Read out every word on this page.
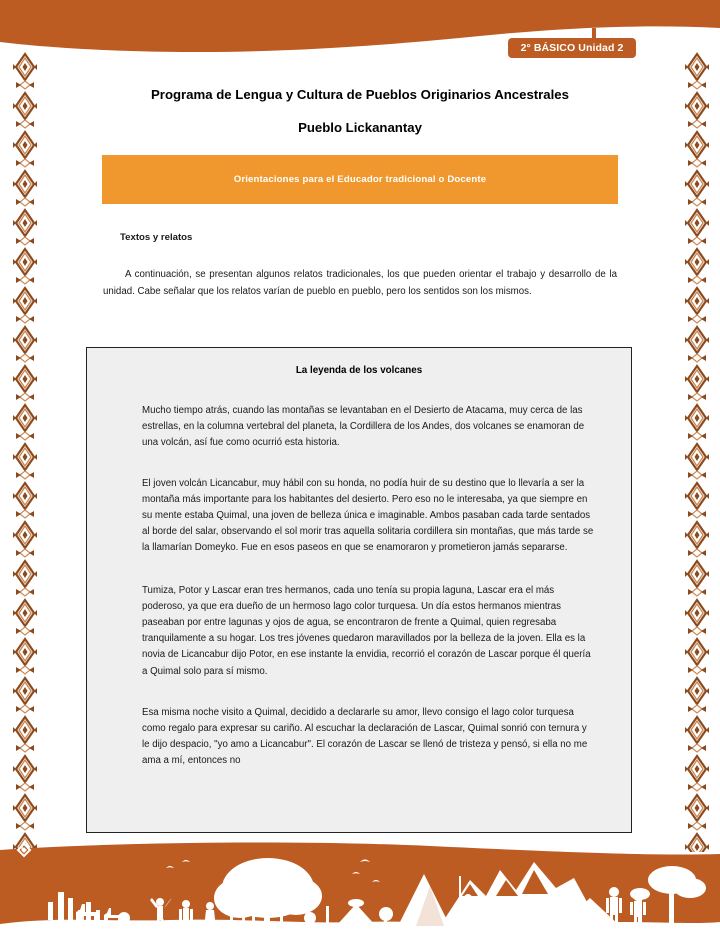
2° BÁSICO Unidad 2
Programa de Lengua y Cultura de Pueblos Originarios Ancestrales
Pueblo Lickanantay
Orientaciones para el Educador tradicional o Docente
Textos y relatos
A continuación, se presentan algunos relatos tradicionales, los que pueden orientar el trabajo y desarrollo de la unidad. Cabe señalar que los relatos varían de pueblo en pueblo, pero los sentidos son los mismos.
La leyenda de los volcanes

Mucho tiempo atrás, cuando las montañas se levantaban en el Desierto de Atacama, muy cerca de las estrellas, en la columna vertebral del planeta, la Cordillera de los Andes, dos volcanes se enamoran de una volcán, así fue como ocurrió esta historia.

El joven volcán Licancabur, muy hábil con su honda, no podía huir de su destino que lo llevaría a ser la montaña más importante para los habitantes del desierto. Pero eso no le interesaba, ya que siempre en su mente estaba Quimal, una joven de belleza única e imaginable. Ambos pasaban cada tarde sentados al borde del salar, observando el sol morir tras aquella solitaria cordillera sin montañas, que más tarde se la llamarían Domeyko. Fue en esos paseos en que se enamoraron y prometieron jamás separarse.

Tumiza, Potor y Lascar eran tres hermanos, cada uno tenía su propia laguna, Lascar era el más poderoso, ya que era dueño de un hermoso lago color turquesa. Un día estos hermanos mientras paseaban por entre lagunas y ojos de agua, se encontraron de frente a Quimal, quien regresaba tranquilamente a su hogar. Los tres jóvenes quedaron maravillados por la belleza de la joven. Ella es la novia de Licancabur dijo Potor, en ese instante la envidia, recorrió el corazón de Lascar porque él quería a Quimal solo para sí mismo.

Esa misma noche visito a Quimal, decidido a declararle su amor, llevo consigo el lago color turquesa como regalo para expresar su cariño. Al escuchar la declaración de Lascar, Quimal sonrió con ternura y le dijo despacio, "yo amo a Licancabur". El corazón de Lascar se llenó de tristeza y pensó, si ella no me ama a mí, entonces no
